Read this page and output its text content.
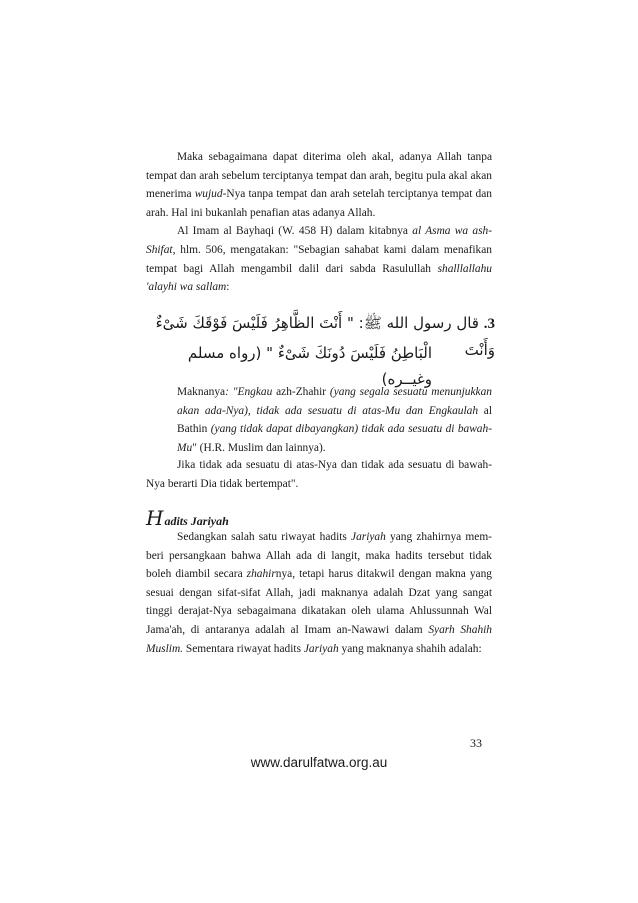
Maka sebagaimana dapat diterima oleh akal, adanya Allah tanpa tempat dan arah sebelum terciptanya tempat dan arah, begitu pula akal akan menerima wujud-Nya tanpa tempat dan arah setelah terciptanya tempat dan arah. Hal ini bukanlah penafian atas adanya Allah.

Al Imam al Bayhaqi (W. 458 H) dalam kitabnya al Asma wa ash-Shifat, hlm. 506, mengatakan: "Sebagian sahabat kami dalam menafikan tempat bagi Allah mengambil dalil dari sabda Rasulullah shalllallahu 'alayhi wa sallam:

3. قال رسول الله ﷺ: " أَنْتَ الظَّاهِرُ فَلَيْسَ فَوْقَكَ شَىْءٌ وَأَنْتَ

الْبَاطِنُ فَلَيْسَ دُونَكَ شَىْءٌ " (رواه مسلم وغيــره)

Maknanya: "Engkau azh-Zhahir (yang segala sesuatu menunjukkan akan ada-Nya), tidak ada sesuatu di atas-Mu dan Engkaulah al Bathin (yang tidak dapat dibayangkan) tidak ada sesuatu di bawah-Mu" (H.R. Muslim dan lainnya).

Jika tidak ada sesuatu di atas-Nya dan tidak ada sesuatu di bawah-Nya berarti Dia tidak bertempat".

Hadits Jariyah

Sedangkan salah satu riwayat hadits Jariyah yang zhahirnya mem-beri persangkaan bahwa Allah ada di langit, maka hadits tersebut tidak boleh diambil secara zhahirnya, tetapi harus ditakwil dengan makna yang sesuai dengan sifat-sifat Allah, jadi maknanya adalah Dzat yang sangat tinggi derajat-Nya sebagaimana dikatakan oleh ulama Ahlussunnah Wal Jama'ah, di antaranya adalah al Imam an-Nawawi dalam Syarh Shahih Muslim. Sementara riwayat hadits Jariyah yang maknanya shahih adalah:

33
www.darulfatwa.org.au
